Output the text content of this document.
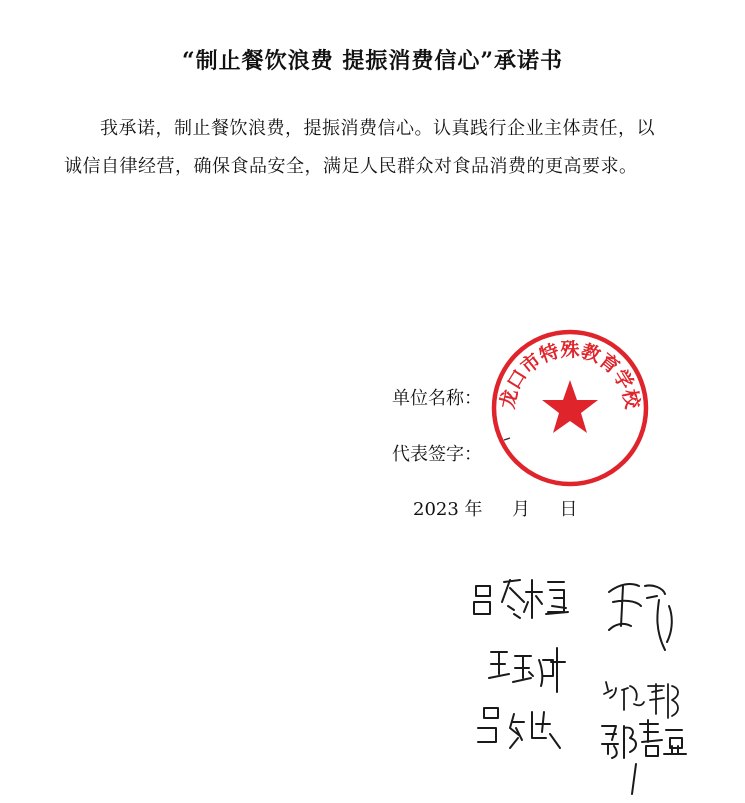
“制止餐饮浪费 提振消费信心”承诺书

我承诺，制止餐饮浪费，提振消费信心。认真践行企业主体责任，以诚信自律经营，确保食品安全，满足人民群众对食品消费的更高要求。

单位名称：
代表签字：
2023 年 月 日
龙口市特殊教育学校
